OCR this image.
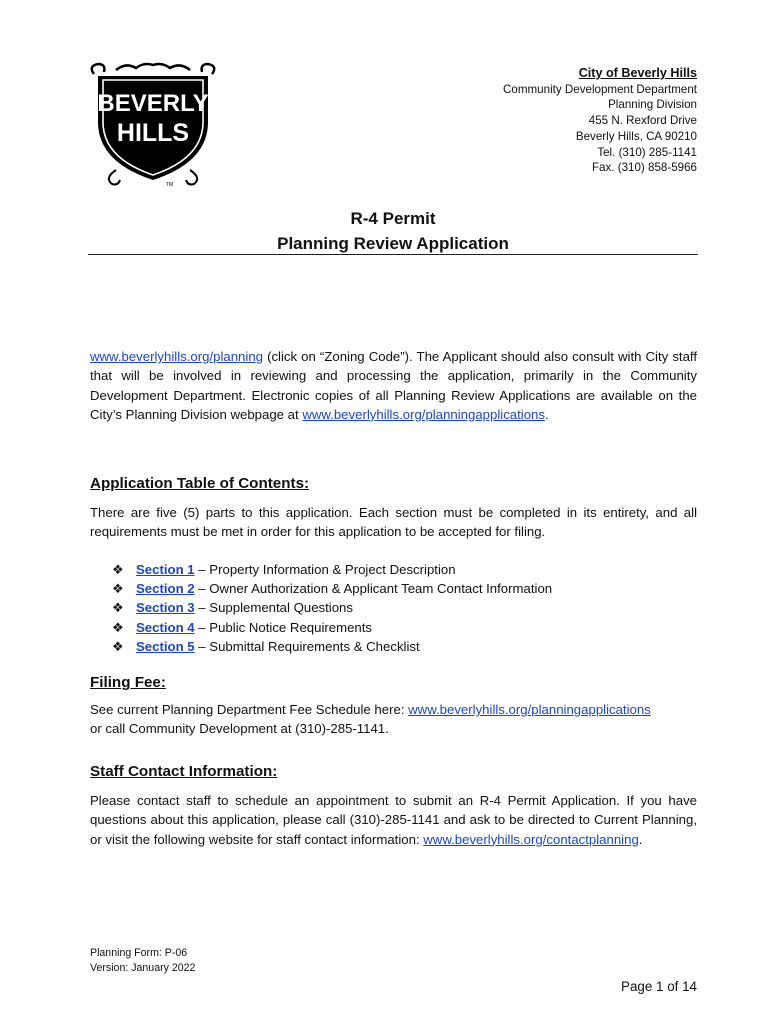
BEVERLY
HILLS
TM
City of Beverly Hills
Community Development Department
Planning Division
455 N. Rexford Drive
Beverly Hills, CA 90210
Tel. (310) 285-1141
Fax. (310) 858-5966
R-4 Permit
Planning Review Application
www.beverlyhills.org/planning (click on “Zoning Code”). The Applicant should also consult with City staff that will be involved in reviewing and processing the application, primarily in the Community Development Department. Electronic copies of all Planning Review Applications are available on the City’s Planning Division webpage at www.beverlyhills.org/planningapplications.
Application Table of Contents:
There are five (5) parts to this application. Each section must be completed in its entirety, and all requirements must be met in order for this application to be accepted for filing.
❖ Section 1 – Property Information & Project Description
❖ Section 2 – Owner Authorization & Applicant Team Contact Information
❖ Section 3 – Supplemental Questions
❖ Section 4 – Public Notice Requirements
❖ Section 5 – Submittal Requirements & Checklist
Filing Fee:
See current Planning Department Fee Schedule here: www.beverlyhills.org/planningapplications
or call Community Development at (310)-285-1141.
Staff Contact Information:
Please contact staff to schedule an appointment to submit an R-4 Permit Application. If you have questions about this application, please call (310)-285-1141 and ask to be directed to Current Planning, or visit the following website for staff contact information: www.beverlyhills.org/contactplanning.
Planning Form: P-06
Version: January 2022
Page 1 of 14
